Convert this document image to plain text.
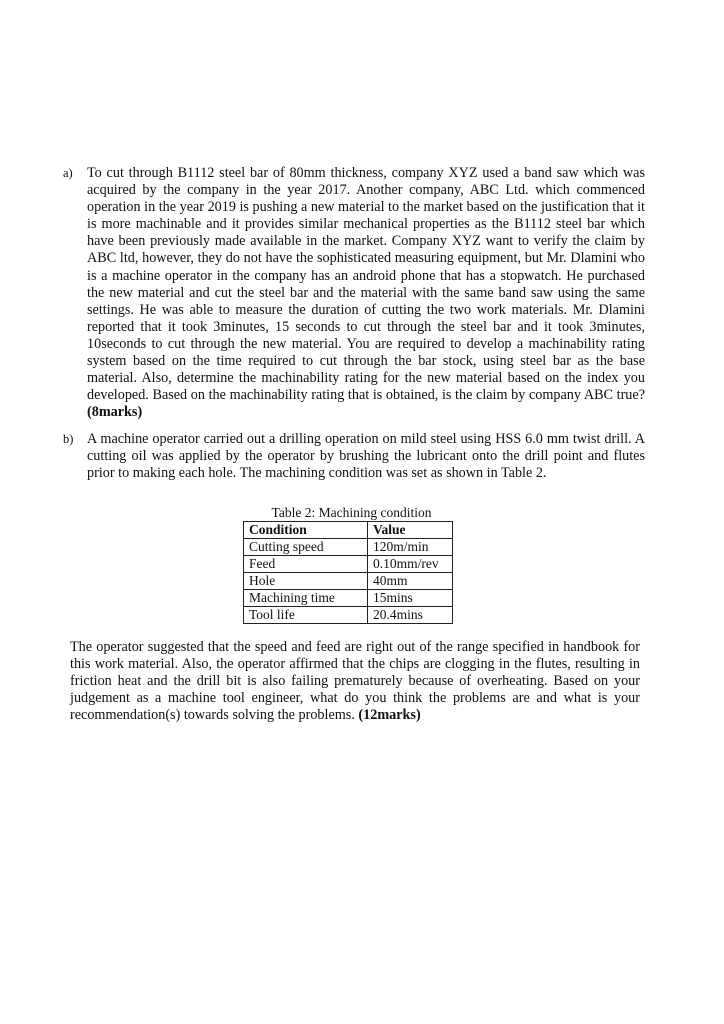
a) To cut through B1112 steel bar of 80mm thickness, company XYZ used a band saw which was acquired by the company in the year 2017. Another company, ABC Ltd. which commenced operation in the year 2019 is pushing a new material to the market based on the justification that it is more machinable and it provides similar mechanical properties as the B1112 steel bar which have been previously made available in the market. Company XYZ want to verify the claim by ABC ltd, however, they do not have the sophisticated measuring equipment, but Mr. Dlamini who is a machine operator in the company has an android phone that has a stopwatch. He purchased the new material and cut the steel bar and the material with the same band saw using the same settings. He was able to measure the duration of cutting the two work materials. Mr. Dlamini reported that it took 3minutes, 15 seconds to cut through the steel bar and it took 3minutes, 10seconds to cut through the new material. You are required to develop a machinability rating system based on the time required to cut through the bar stock, using steel bar as the base material. Also, determine the machinability rating for the new material based on the index you developed. Based on the machinability rating that is obtained, is the claim by company ABC true? (8marks)
b) A machine operator carried out a drilling operation on mild steel using HSS 6.0 mm twist drill. A cutting oil was applied by the operator by brushing the lubricant onto the drill point and flutes prior to making each hole. The machining condition was set as shown in Table 2.
Table 2: Machining condition
Condition	Value
Cutting speed	120m/min
Feed	0.10mm/rev
Hole	40mm
Machining time	15mins
Tool life	20.4mins
The operator suggested that the speed and feed are right out of the range specified in handbook for this work material. Also, the operator affirmed that the chips are clogging in the flutes, resulting in friction heat and the drill bit is also failing prematurely because of overheating. Based on your judgement as a machine tool engineer, what do you think the problems are and what is your recommendation(s) towards solving the problems. (12marks)
